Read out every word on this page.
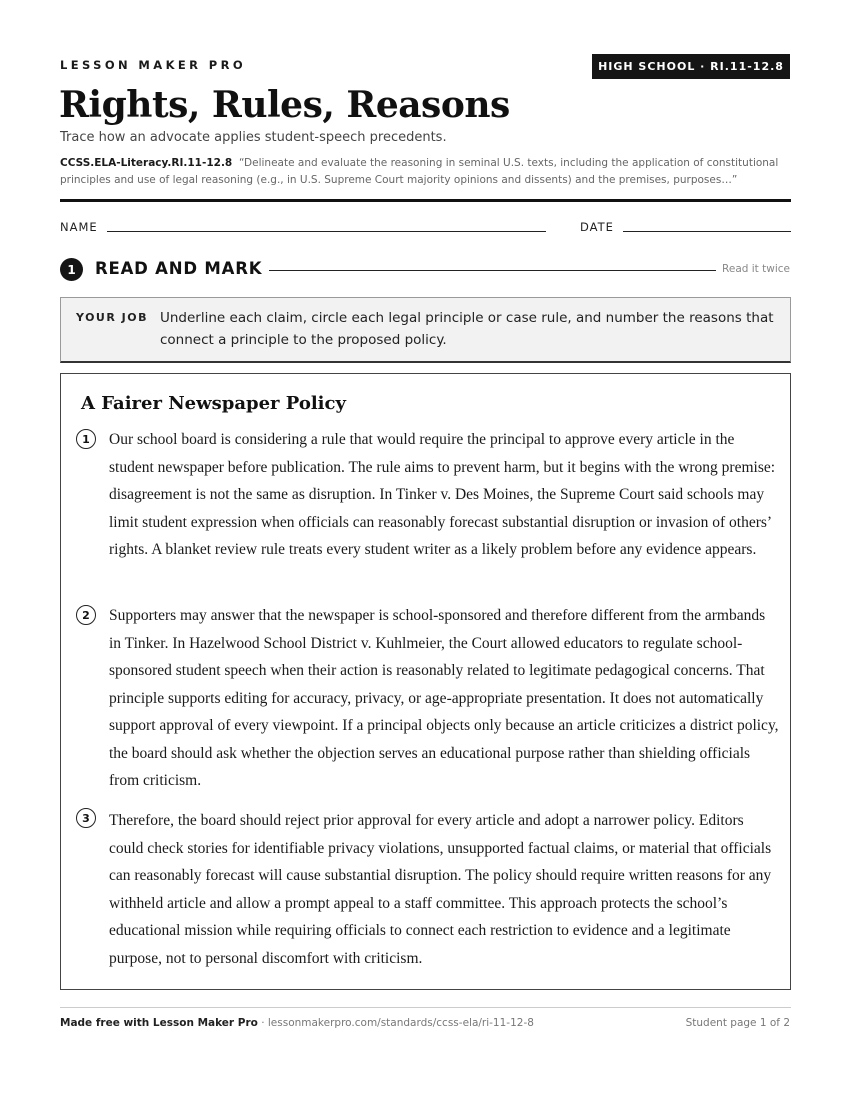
LESSON MAKER PRO	HIGH SCHOOL · RI.11-12.8
Rights, Rules, Reasons
Trace how an advocate applies student-speech precedents.
CCSS.ELA-Literacy.RI.11-12.8 “Delineate and evaluate the reasoning in seminal U.S. texts, including the application of constitutional principles and use of legal reasoning (e.g., in U.S. Supreme Court majority opinions and dissents) and the premises, purposes…”
NAME	DATE
1	READ AND MARK	Read it twice
YOUR JOB Underline each claim, circle each legal principle or case rule, and number the reasons that connect a principle to the proposed policy.
A Fairer Newspaper Policy
1	Our school board is considering a rule that would require the principal to approve every article in the student newspaper before publication. The rule aims to prevent harm, but it begins with the wrong premise: disagreement is not the same as disruption. In Tinker v. Des Moines, the Supreme Court said schools may limit student expression when officials can reasonably forecast substantial disruption or invasion of others’ rights. A blanket review rule treats every student writer as a likely problem before any evidence appears.

2	Supporters may answer that the newspaper is school-sponsored and therefore different from the armbands in Tinker. In Hazelwood School District v. Kuhlmeier, the Court allowed educators to regulate school-sponsored student speech when their action is reasonably related to legitimate pedagogical concerns. That principle supports editing for accuracy, privacy, or age-appropriate presentation. It does not automatically support approval of every viewpoint. If a principal objects only because an article criticizes a district policy, the board should ask whether the objection serves an educational purpose rather than shielding officials from criticism.

3	Therefore, the board should reject prior approval for every article and adopt a narrower policy. Editors could check stories for identifiable privacy violations, unsupported factual claims, or material that officials can reasonably forecast will cause substantial disruption. The policy should require written reasons for any withheld article and allow a prompt appeal to a staff committee. This approach protects the school’s educational mission while requiring officials to connect each restriction to evidence and a legitimate purpose, not to personal discomfort with criticism.

Made free with Lesson Maker Pro · lessonmakerpro.com/standards/ccss-ela/ri-11-12-8	Student page 1 of 2
